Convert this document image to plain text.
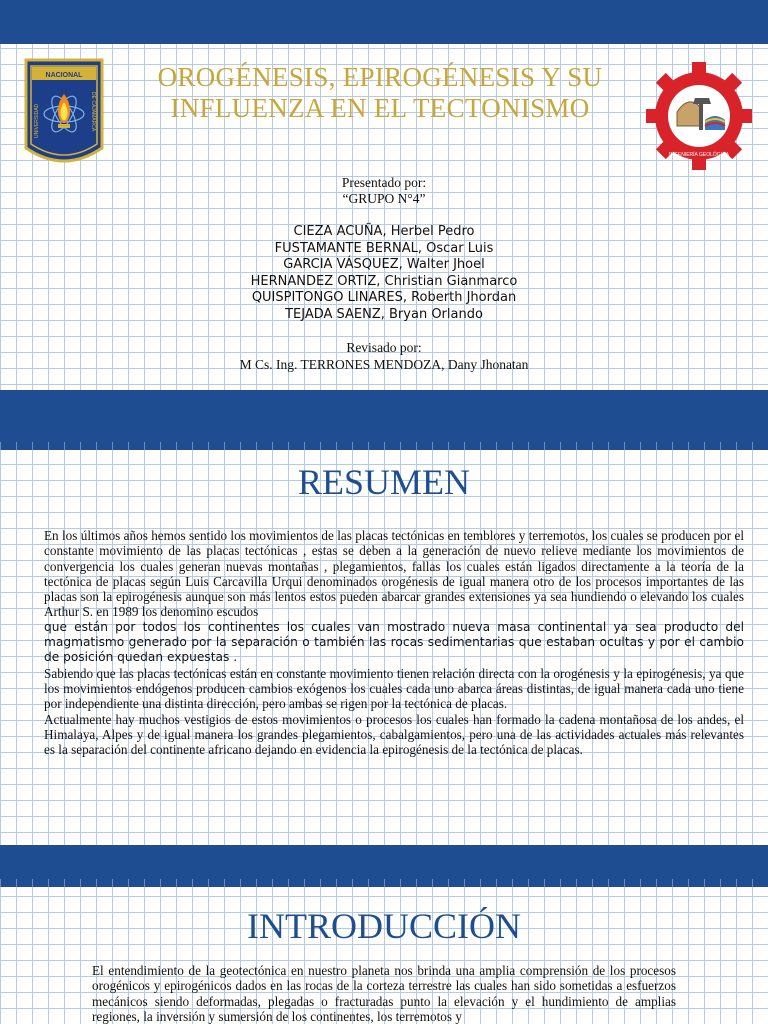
NACIONAL
UNIVERSIDAD	DE CAJAMARCA
OROGÉNESIS, EPIROGÉNESIS Y SU
INFLUENZA EN EL TECTONISMO
INGENIERÍA GEOLÓGICA
Presentado por:
“GRUPO N°4”
CIEZA ACUÑA, Herbel Pedro
FUSTAMANTE BERNAL, Oscar Luis
GARCIA VÁSQUEZ, Walter Jhoel
HERNANDEZ ORTIZ, Christian Gianmarco
QUISPITONGO LINARES, Roberth Jhordan
TEJADA SAENZ, Bryan Orlando
Revisado por:
M Cs. Ing. TERRONES MENDOZA, Dany Jhonatan
RESUMEN

En los últimos años hemos sentido los movimientos de las placas tectónicas en temblores y terremotos, los cuales se producen por el constante movimiento de las placas tectónicas , estas se deben a la generación de nuevo relieve mediante los movimientos de convergencia los cuales generan nuevas montañas , plegamientos, fallas los cuales están ligados directamente a la teoría de la tectónica de placas según Luis Carcavilla Urqui denominados orogénesis de igual manera otro de los procesos importantes de las placas son la epirogénesis aunque son más lentos estos pueden abarcar grandes extensiones ya sea hundiendo o elevando los cuales Arthur S. en 1989 los denomino escudos

que están por todos los continentes los cuales van mostrado nueva masa continental ya sea producto del magmatismo generado por la separación o también las rocas sedimentarias que estaban ocultas y por el cambio de posición quedan expuestas .

Sabiendo que las placas tectónicas están en constante movimiento tienen relación directa con la orogénesis y la epirogénesis, ya que los movimientos endógenos producen cambios exógenos los cuales cada uno abarca áreas distintas, de igual manera cada uno tiene por independiente una distinta dirección, pero ambas se rigen por la tectónica de placas.

Actualmente hay muchos vestigios de estos movimientos o procesos los cuales han formado la cadena montañosa de los andes, el Himalaya, Alpes y de igual manera los grandes plegamientos, cabalgamientos, pero una de las actividades actuales más relevantes es la separación del continente africano dejando en evidencia la epirogénesis de la tectónica de placas.

INTRODUCCIÓN

El entendimiento de la geotectónica en nuestro planeta nos brinda una amplia comprensión de los procesos orogénicos y epirogénicos dados en las rocas de la corteza terrestre las cuales han sido sometidas a esfuerzos mecánicos siendo deformadas, plegadas o fracturadas punto la elevación y el hundimiento de amplias regiones, la inversión y sumersión de los continentes, los terremotos y
